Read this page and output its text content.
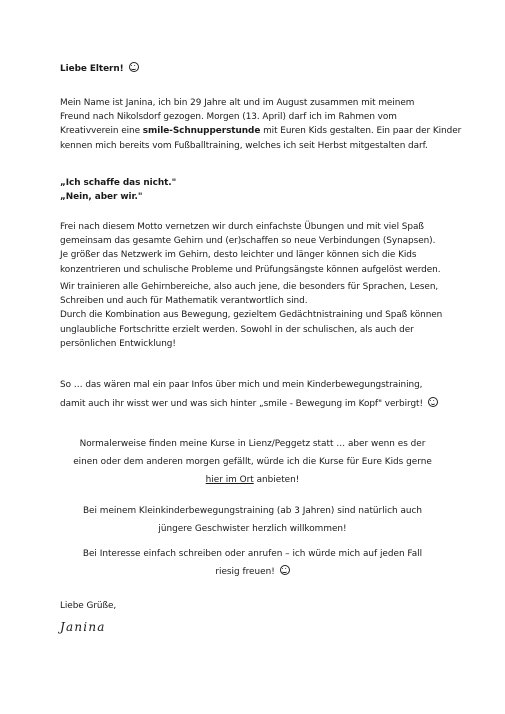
Liebe Eltern!
Mein Name ist Janina, ich bin 29 Jahre alt und im August zusammen mit meinem
Freund nach Nikolsdorf gezogen. Morgen (13. April) darf ich im Rahmen vom
Kreativverein eine smile-Schnupperstunde mit Euren Kids gestalten. Ein paar der Kinder
kennen mich bereits vom Fußballtraining, welches ich seit Herbst mitgestalten darf.
„Ich schaffe das nicht."
„Nein, aber wir."
Frei nach diesem Motto vernetzen wir durch einfachste Übungen und mit viel Spaß
gemeinsam das gesamte Gehirn und (er)schaffen so neue Verbindungen (Synapsen).
Je größer das Netzwerk im Gehirn, desto leichter und länger können sich die Kids
konzentrieren und schulische Probleme und Prüfungsängste können aufgelöst werden.
Wir trainieren alle Gehirnbereiche, also auch jene, die besonders für Sprachen, Lesen,
Schreiben und auch für Mathematik verantwortlich sind.
Durch die Kombination aus Bewegung, gezieltem Gedächtnistraining und Spaß können
unglaubliche Fortschritte erzielt werden. Sowohl in der schulischen, als auch der
persönlichen Entwicklung!
So … das wären mal ein paar Infos über mich und mein Kinderbewegungstraining,
damit auch ihr wisst wer und was sich hinter „smile - Bewegung im Kopf" verbirgt!
Normalerweise finden meine Kurse in Lienz/Peggetz statt … aber wenn es der
einen oder dem anderen morgen gefällt, würde ich die Kurse für Eure Kids gerne
hier im Ort anbieten!
Bei meinem Kleinkinderbewegungstraining (ab 3 Jahren) sind natürlich auch
jüngere Geschwister herzlich willkommen!
Bei Interesse einfach schreiben oder anrufen – ich würde mich auf jeden Fall
riesig freuen!
Liebe Grüße,
Janina
